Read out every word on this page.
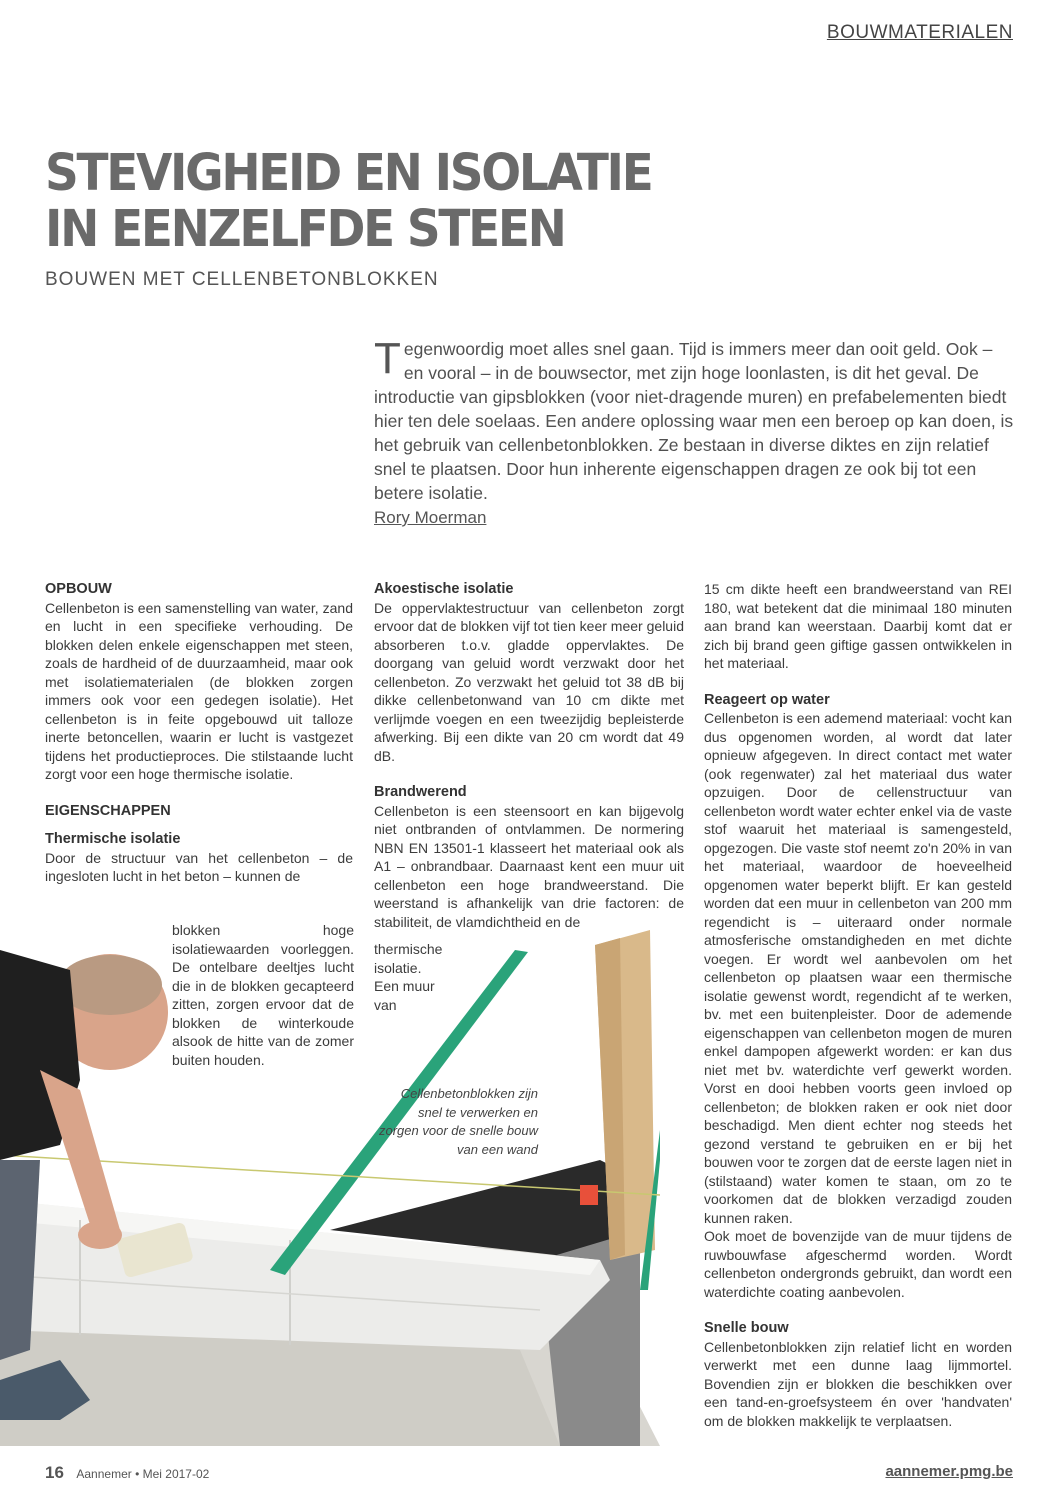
BOUWMATERIALEN
STEVIGHEID EN ISOLATIE
IN EENZELFDE STEEN

BOUWEN MET CELLENBETONBLOKKEN

Tegenwoordig moet alles snel gaan. Tijd is immers meer dan ooit geld. Ook – en vooral – in de bouwsector, met zijn hoge loonlasten, is dit het geval. De introductie van gipsblokken (voor niet-dragende muren) en prefabelementen biedt hier ten dele soelaas. Een andere oplossing waar men een beroep op kan doen, is het gebruik van cellenbetonblokken. Ze bestaan in diverse diktes en zijn relatief snel te plaatsen. Door hun inherente eigenschappen dragen ze ook bij tot een betere isolatie.

Rory Moerman

OPBOUW

Cellenbeton is een samenstelling van water, zand en lucht in een specifieke verhouding. De blokken delen enkele eigenschappen met steen, zoals de hardheid of de duurzaamheid, maar ook met isolatiematerialen (de blokken zorgen immers ook voor een gedegen isolatie). Het cellenbeton is in feite opgebouwd uit talloze inerte betoncellen, waarin er lucht is vastgezet tijdens het productieproces. Die stilstaande lucht zorgt voor een hoge thermische isolatie.

EIGENSCHAPPEN

Thermische isolatie

Door de structuur van het cellenbeton – de ingesloten lucht in het beton – kunnen de

Akoestische isolatie

De oppervlaktestructuur van cellenbeton zorgt ervoor dat de blokken vijf tot tien keer meer geluid absorberen t.o.v. gladde oppervlaktes. De doorgang van geluid wordt verzwakt door het cellenbeton. Zo verzwakt het geluid tot 38 dB bij dikke cellenbetonwand van 10 cm dikte met verlijmde voegen en een tweezijdig bepleisterde afwerking. Bij een dikte van 20 cm wordt dat 49 dB.

Brandwerend

Cellenbeton is een steensoort en kan bijgevolg niet ontbranden of ontvlammen. De normering NBN EN 13501-1 klasseert het materiaal ook als A1 – onbrandbaar. Daarnaast kent een muur uit cellenbeton een hoge brandweerstand. Die weerstand is afhankelijk van drie factoren: de stabiliteit, de vlamdichtheid en de

blokken hoge isolatiewaarden voorleggen. De ontelbare deeltjes lucht die in de blokken gecapteerd zitten, zorgen ervoor dat de blokken de winterkoude alsook de hitte van de zomer buiten houden.
thermische isolatie. Een muur van
Cellenbetonblokken zijn snel te verwerken en zorgen voor de snelle bouw van een wand

15 cm dikte heeft een brandweerstand van REI 180, wat betekent dat die minimaal 180 minuten aan brand kan weerstaan. Daarbij komt dat er zich bij brand geen giftige gassen ontwikkelen in het materiaal.

Reageert op water

Cellenbeton is een ademend materiaal: vocht kan dus opgenomen worden, al wordt dat later opnieuw afgegeven. In direct contact met water (ook regenwater) zal het materiaal dus water opzuigen. Door de cellenstructuur van cellenbeton wordt water echter enkel via de vaste stof waaruit het materiaal is samengesteld, opgezogen. Die vaste stof neemt zo'n 20% in van het materiaal, waardoor de hoeveelheid opgenomen water beperkt blijft. Er kan gesteld worden dat een muur in cellenbeton van 200 mm regendicht is – uiteraard onder normale atmosferische omstandigheden en met dichte voegen. Er wordt wel aanbevolen om het cellenbeton op plaatsen waar een thermische isolatie gewenst wordt, regendicht af te werken, bv. met een buitenpleister. Door de ademende eigenschappen van cellenbeton mogen de muren enkel dampopen afgewerkt worden: er kan dus niet met bv. waterdichte verf gewerkt worden. Vorst en dooi hebben voorts geen invloed op cellenbeton; de blokken raken er ook niet door beschadigd. Men dient echter nog steeds het gezond verstand te gebruiken en er bij het bouwen voor te zorgen dat de eerste lagen niet in (stilstaand) water komen te staan, om zo te voorkomen dat de blokken verzadigd zouden kunnen raken.

Ook moet de bovenzijde van de muur tijdens de ruwbouwfase afgeschermd worden. Wordt cellenbeton ondergronds gebruikt, dan wordt een waterdichte coating aanbevolen.

Snelle bouw

Cellenbetonblokken zijn relatief licht en worden verwerkt met een dunne laag lijmmortel. Bovendien zijn er blokken die beschikken over een tand-en-groefsysteem én over 'handvaten' om de blokken makkelijk te verplaatsen.

16 Aannemer • Mei 2017-02	aannemer.pmg.be
